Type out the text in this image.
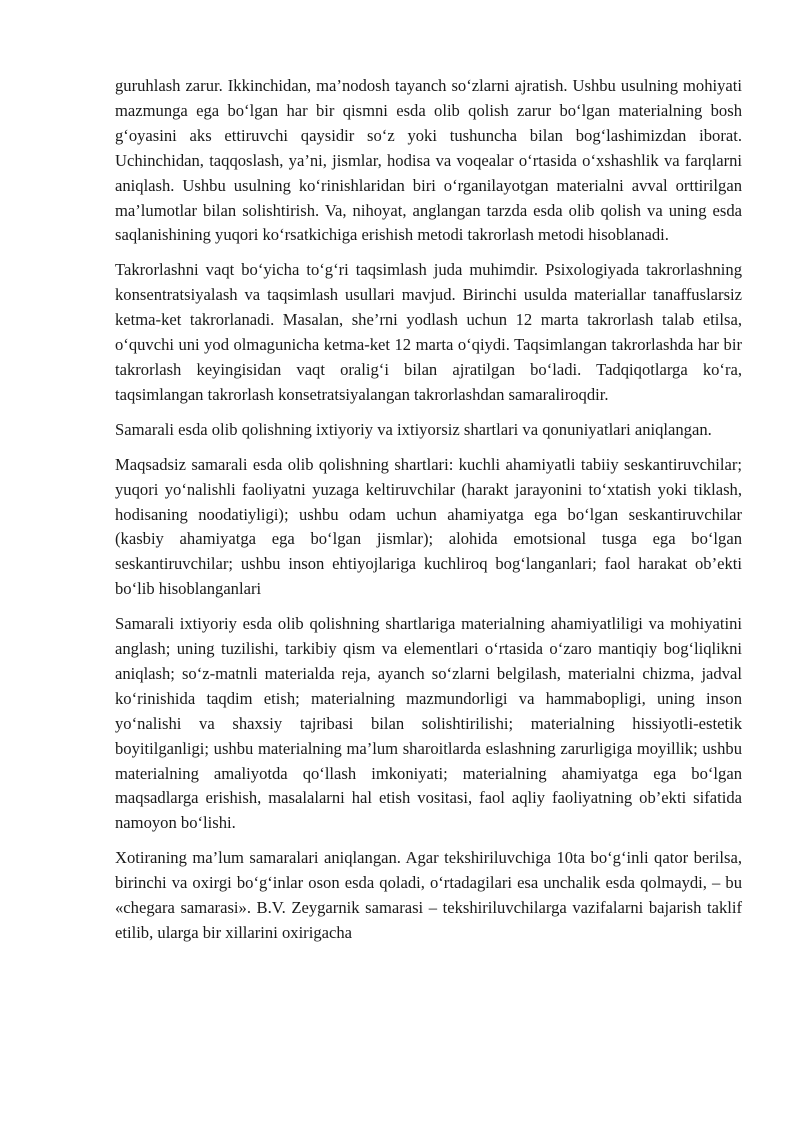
guruhlash zarur. Ikkinchidan, ma’nodosh tayanch so‘zlarni ajratish. Ushbu usulning mohiyati mazmunga ega bo‘lgan har bir qismni esda olib qolish zarur bo‘lgan materialning bosh g‘oyasini aks ettiruvchi qaysidir so‘z yoki tushuncha bilan bog‘lashimizdan iborat. Uchinchidan, taqqoslash, ya’ni, jismlar, hodisa va voqealar o‘rtasida o‘xshashlik va farqlarni aniqlash. Ushbu usulning ko‘rinishlaridan biri o‘rganilayotgan materialni avval orttirilgan ma’lumotlar bilan solishtirish. Va, nihoyat, anglangan tarzda esda olib qolish va uning esda saqlanishining yuqori ko‘rsatkichiga erishish metodi takrorlash metodi hisoblanadi.

Takrorlashni vaqt bo‘yicha to‘g‘ri taqsimlash juda muhimdir. Psixologiyada takrorlashning konsentratsiyalash va taqsimlash usullari mavjud. Birinchi usulda materiallar tanaffuslarsiz ketma-ket takrorlanadi. Masalan, she’rni yodlash uchun 12 marta takrorlash talab etilsa, o‘quvchi uni yod olmagunicha ketma-ket 12 marta o‘qiydi. Taqsimlangan takrorlashda har bir takrorlash keyingisidan vaqt oralig‘i bilan ajratilgan bo‘ladi. Tadqiqotlarga ko‘ra, taqsimlangan takrorlash konsetratsiyalangan takrorlashdan samaraliroqdir.

Samarali esda olib qolishning ixtiyoriy va ixtiyorsiz shartlari va qonuniyatlari aniqlangan.

Maqsadsiz samarali esda olib qolishning shartlari: kuchli ahamiyatli tabiiy seskantiruvchilar; yuqori yo‘nalishli faoliyatni yuzaga keltiruvchilar (harakt jarayonini to‘xtatish yoki tiklash, hodisaning noodatiyligi); ushbu odam uchun ahamiyatga ega bo‘lgan seskantiruvchilar (kasbiy ahamiyatga ega bo‘lgan jismlar); alohida emotsional tusga ega bo‘lgan seskantiruvchilar; ushbu inson ehtiyojlariga kuchliroq bog‘langanlari; faol harakat ob’ekti bo‘lib hisoblanganlari

Samarali ixtiyoriy esda olib qolishning shartlariga materialning ahamiyatliligi va mohiyatini anglash; uning tuzilishi, tarkibiy qism va elementlari o‘rtasida o‘zaro mantiqiy bog‘liqlikni aniqlash; so‘z-matnli materialda reja, ayanch so‘zlarni belgilash, materialni chizma, jadval ko‘rinishida taqdim etish; materialning mazmundorligi va hammabopligi, uning inson yo‘nalishi va shaxsiy tajribasi bilan solishtirilishi; materialning hissiyotli-estetik boyitilganligi; ushbu materialning ma’lum sharoitlarda eslashning zarurligiga moyillik; ushbu materialning amaliyotda qo‘llash imkoniyati; materialning ahamiyatga ega bo‘lgan maqsadlarga erishish, masalalarni hal etish vositasi, faol aqliy faoliyatning ob’ekti sifatida namoyon bo‘lishi.

Xotiraning ma’lum samaralari aniqlangan. Agar tekshiriluvchiga 10ta bo‘g‘inli qator berilsa, birinchi va oxirgi bo‘g‘inlar oson esda qoladi, o‘rtadagilari esa unchalik esda qolmaydi, – bu «chegara samarasi». B.V. Zeygarnik samarasi – tekshiriluvchilarga vazifalarni bajarish taklif etilib, ularga bir xillarini oxirigacha
